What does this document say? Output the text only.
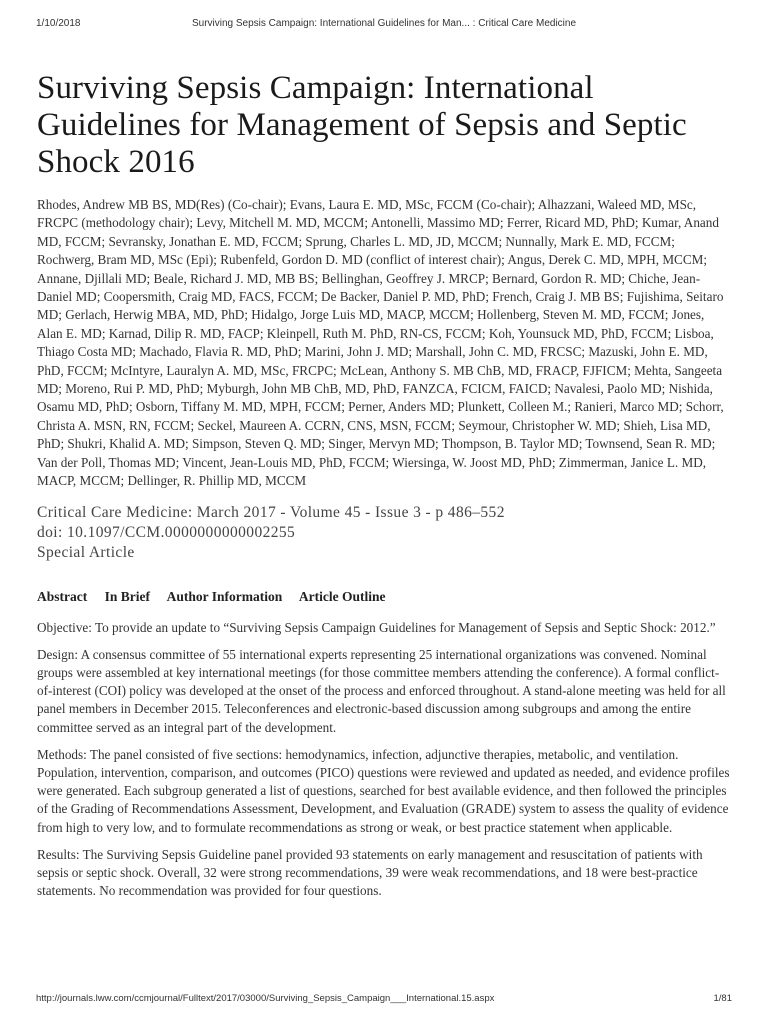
1/10/2018	Surviving Sepsis Campaign: International Guidelines for Man... : Critical Care Medicine
Surviving Sepsis Campaign: International Guidelines for Management of Sepsis and Septic Shock 2016
Rhodes, Andrew MB BS, MD(Res) (Co-chair); Evans, Laura E. MD, MSc, FCCM (Co-chair); Alhazzani, Waleed MD, MSc, FRCPC (methodology chair); Levy, Mitchell M. MD, MCCM; Antonelli, Massimo MD; Ferrer, Ricard MD, PhD; Kumar, Anand MD, FCCM; Sevransky, Jonathan E. MD, FCCM; Sprung, Charles L. MD, JD, MCCM; Nunnally, Mark E. MD, FCCM; Rochwerg, Bram MD, MSc (Epi); Rubenfeld, Gordon D. MD (conflict of interest chair); Angus, Derek C. MD, MPH, MCCM; Annane, Djillali MD; Beale, Richard J. MD, MB BS; Bellinghan, Geoffrey J. MRCP; Bernard, Gordon R. MD; Chiche, Jean-Daniel MD; Coopersmith, Craig MD, FACS, FCCM; De Backer, Daniel P. MD, PhD; French, Craig J. MB BS; Fujishima, Seitaro MD; Gerlach, Herwig MBA, MD, PhD; Hidalgo, Jorge Luis MD, MACP, MCCM; Hollenberg, Steven M. MD, FCCM; Jones, Alan E. MD; Karnad, Dilip R. MD, FACP; Kleinpell, Ruth M. PhD, RN-CS, FCCM; Koh, Younsuck MD, PhD, FCCM; Lisboa, Thiago Costa MD; Machado, Flavia R. MD, PhD; Marini, John J. MD; Marshall, John C. MD, FRCSC; Mazuski, John E. MD, PhD, FCCM; McIntyre, Lauralyn A. MD, MSc, FRCPC; McLean, Anthony S. MB ChB, MD, FRACP, FJFICM; Mehta, Sangeeta MD; Moreno, Rui P. MD, PhD; Myburgh, John MB ChB, MD, PhD, FANZCA, FCICM, FAICD; Navalesi, Paolo MD; Nishida, Osamu MD, PhD; Osborn, Tiffany M. MD, MPH, FCCM; Perner, Anders MD; Plunkett, Colleen M.; Ranieri, Marco MD; Schorr, Christa A. MSN, RN, FCCM; Seckel, Maureen A. CCRN, CNS, MSN, FCCM; Seymour, Christopher W. MD; Shieh, Lisa MD, PhD; Shukri, Khalid A. MD; Simpson, Steven Q. MD; Singer, Mervyn MD; Thompson, B. Taylor MD; Townsend, Sean R. MD; Van der Poll, Thomas MD; Vincent, Jean-Louis MD, PhD, FCCM; Wiersinga, W. Joost MD, PhD; Zimmerman, Janice L. MD, MACP, MCCM; Dellinger, R. Phillip MD, MCCM
Critical Care Medicine: March 2017 - Volume 45 - Issue 3 - p 486–552
doi: 10.1097/CCM.0000000000002255
Special Article
Abstract In Brief Author Information Article Outline
Objective: To provide an update to “Surviving Sepsis Campaign Guidelines for Management of Sepsis and Septic Shock: 2012.”
Design: A consensus committee of 55 international experts representing 25 international organizations was convened. Nominal groups were assembled at key international meetings (for those committee members attending the conference). A formal conflict-of-interest (COI) policy was developed at the onset of the process and enforced throughout. A stand-alone meeting was held for all panel members in December 2015. Teleconferences and electronic-based discussion among subgroups and among the entire committee served as an integral part of the development.
Methods: The panel consisted of five sections: hemodynamics, infection, adjunctive therapies, metabolic, and ventilation. Population, intervention, comparison, and outcomes (PICO) questions were reviewed and updated as needed, and evidence profiles were generated. Each subgroup generated a list of questions, searched for best available evidence, and then followed the principles of the Grading of Recommendations Assessment, Development, and Evaluation (GRADE) system to assess the quality of evidence from high to very low, and to formulate recommendations as strong or weak, or best practice statement when applicable.
Results: The Surviving Sepsis Guideline panel provided 93 statements on early management and resuscitation of patients with sepsis or septic shock. Overall, 32 were strong recommendations, 39 were weak recommendations, and 18 were best-practice statements. No recommendation was provided for four questions.
http://journals.lww.com/ccmjournal/Fulltext/2017/03000/Surviving_Sepsis_Campaign___International.15.aspx	1/81
